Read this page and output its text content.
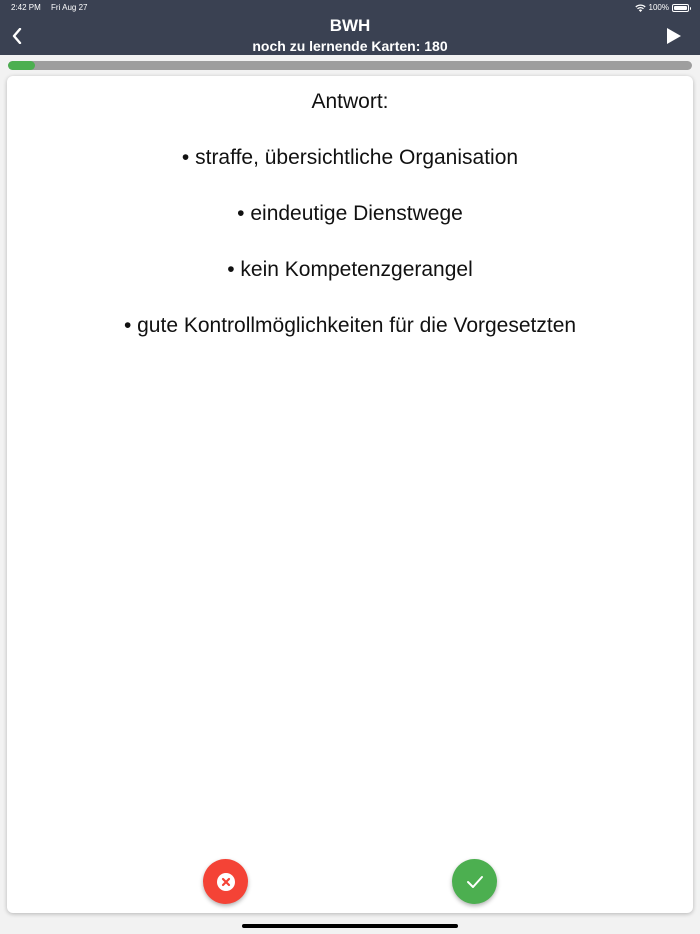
2:42 PM Fri Aug 27	100%
BWH
noch zu lernende Karten: 180
Antwort:
• straffe, übersichtliche Organisation
• eindeutige Dienstwege
• kein Kompetenzgerangel
• gute Kontrollmöglichkeiten für die Vorgesetzten
